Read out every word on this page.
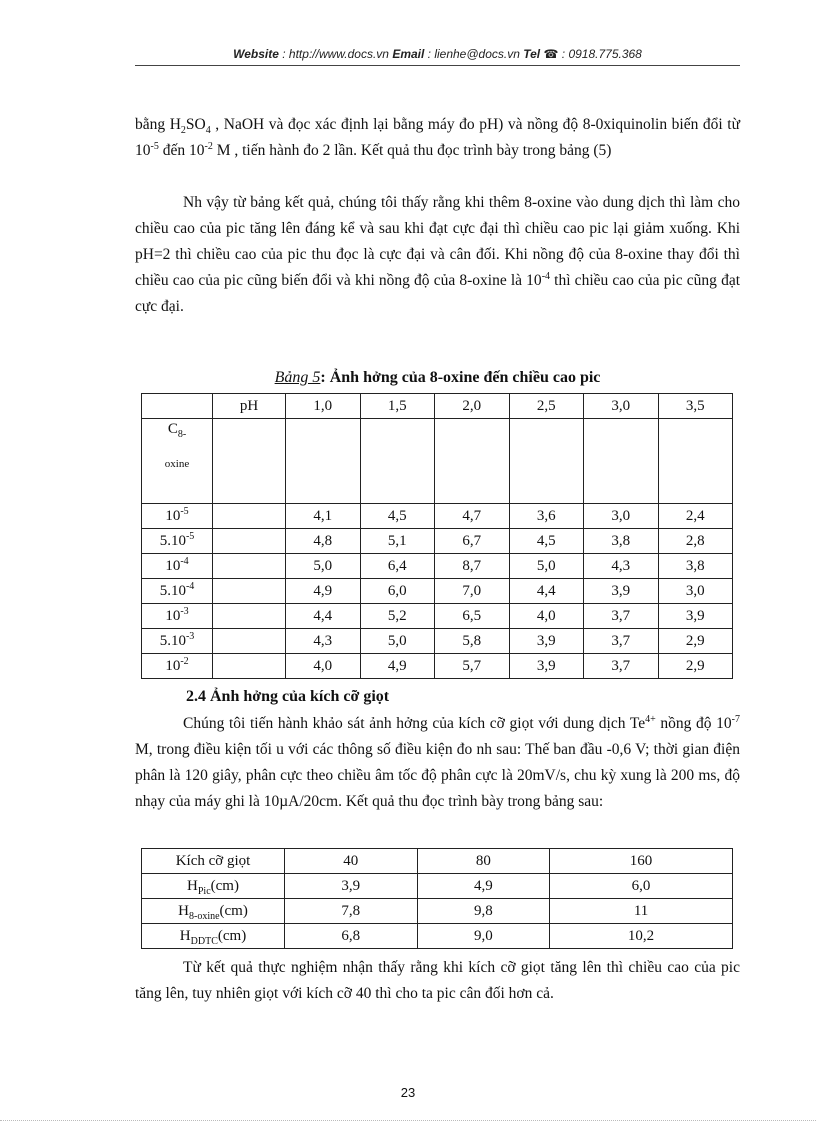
Website : http://www.docs.vn Email : lienhe@docs.vn Tel ☎ : 0918.775.368

bằng $H_2SO_4$ , NaOH và đọc xác định lại bằng máy đo pH) và nồng độ 8-0xiquinolin biến đổi từ $10^{-5}$ đến $10^{-2}$ M , tiến hành đo 2 lần. Kết quả thu đọc trình bày trong bảng (5)

Nh vậy từ bảng kết quả, chúng tôi thấy rằng khi thêm 8-oxine vào dung dịch thì làm cho chiều cao của pic tăng lên đáng kể và sau khi đạt cực đại thì chiều cao pic lại giảm xuống. Khi pH=2 thì chiều cao của pic thu đọc là cực đại và cân đối. Khi nồng độ của 8-oxine thay đổi thì chiều cao của pic cũng biến đổi và khi nồng độ của 8-oxine là $10^{-4}$ thì chiều cao của pic cũng đạt cực đại.

Bảng 5: Ảnh hởng của 8-oxine đến chiều cao pic
	pH	1,0	1,5	2,0	2,5	3,0	3,5
$C_{8-}$

oxine							
$10^{-5}$		4,1	4,5	4,7	3,6	3,0	2,4
$5.10^{-5}$		4,8	5,1	6,7	4,5	3,8	2,8
$10^{-4}$		5,0	6,4	8,7	5,0	4,3	3,8
$5.10^{-4}$		4,9	6,0	7,0	4,4	3,9	3,0
$10^{-3}$		4,4	5,2	6,5	4,0	3,7	3,9
$5.10^{-3}$		4,3	5,0	5,8	3,9	3,7	2,9
$10^{-2}$		4,0	4,9	5,7	3,9	3,7	2,9

2.4 Ảnh hởng của kích cỡ giọt

Chúng tôi tiến hành khảo sát ảnh hởng của kích cỡ giọt với dung dịch $Te^{4+}$ nồng độ $10^{-7}$ M, trong điều kiện tối u với các thông số điều kiện đo nh sau: Thế ban đầu -0,6 V; thời gian điện phân là 120 giây, phân cực theo chiều âm tốc độ phân cực là 20mV/s, chu kỳ xung là 200 ms, độ nhạy của máy ghi là 10µA/20cm. Kết quả thu đọc trình bày trong bảng sau:

Kích cỡ giọt	40	80	160
$H_{Pic}(cm)$	3,9	4,9	6,0
$H_{8-oxine}(cm)$	7,8	9,8	11
$H_{DDTC}(cm)$	6,8	9,0	10,2

Từ kết quả thực nghiệm nhận thấy rằng khi kích cỡ giọt tăng lên thì chiều cao của pic tăng lên, tuy nhiên giọt với kích cỡ 40 thì cho ta pic cân đối hơn cả.

23
